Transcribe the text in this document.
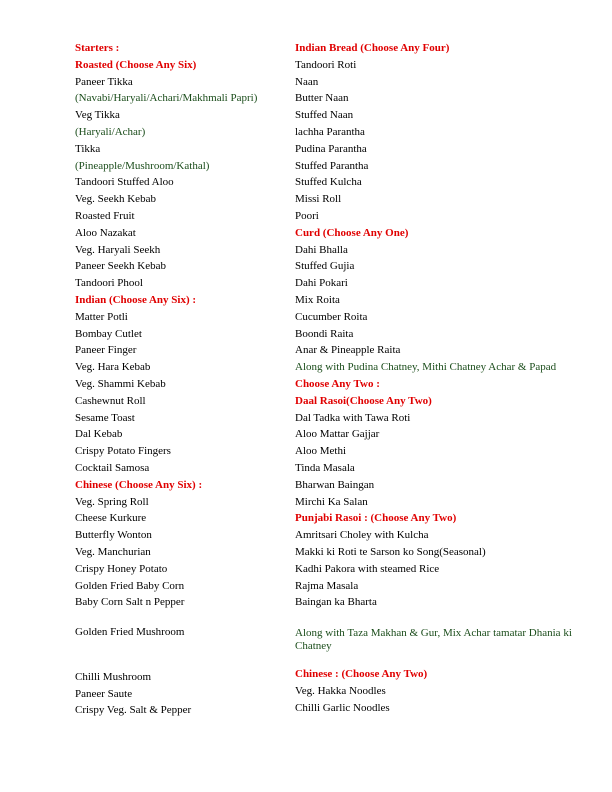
Starters :
Roasted (Choose Any Six)
Paneer Tikka
(Navabi/Haryali/Achari/Makhmali Papri)
Veg Tikka
(Haryali/Achar)
Tikka
(Pineapple/Mushroom/Kathal)
Tandoori Stuffed Aloo
Veg. Seekh Kebab
Roasted Fruit
Aloo Nazakat
Veg. Haryali Seekh
Paneer Seekh Kebab
Tandoori Phool
Indian (Choose Any Six) :
Matter Potli
Bombay Cutlet
Paneer Finger
Veg. Hara Kebab
Veg. Shammi Kebab
Cashewnut Roll
Sesame Toast
Dal Kebab
Crispy Potato Fingers
Cocktail Samosa
Chinese (Choose Any Six) :
Veg. Spring Roll
Cheese Kurkure
Butterfly Wonton
Veg. Manchurian
Crispy Honey Potato
Golden Fried Baby Corn
Baby Corn Salt n Pepper
Golden Fried Mushroom
Chilli Mushroom
Paneer Saute
Crispy Veg. Salt & Pepper
Indian Bread (Choose Any Four)
Tandoori Roti
Naan
Butter Naan
Stuffed Naan
lachha Parantha
Pudina Parantha
Stuffed Parantha
Stuffed Kulcha
Missi Roll
Poori
Curd (Choose Any One)
Dahi Bhalla
Stuffed Gujia
Dahi Pokari
Mix Roita
Cucumber Roita
Boondi Raita
Anar & Pineapple Raita
Along with Pudina Chatney, Mithi Chatney Achar & Papad
Choose Any Two :
Daal Rasoi(Choose Any Two)
Dal Tadka with Tawa Roti
Aloo Mattar Gajjar
Aloo Methi
Tinda Masala
Bharwan Baingan
Mirchi Ka Salan
Punjabi Rasoi : (Choose Any Two)
Amritsari Choley with Kulcha
Makki ki Roti te Sarson ko Song(Seasonal)
Kadhi Pakora with steamed Rice
Rajma Masala
Baingan ka Bharta
Along with Taza Makhan & Gur, Mix Achar tamatar Dhania ki Chatney
Chinese : (Choose Any Two)
Veg. Hakka Noodles
Chilli Garlic Noodles
